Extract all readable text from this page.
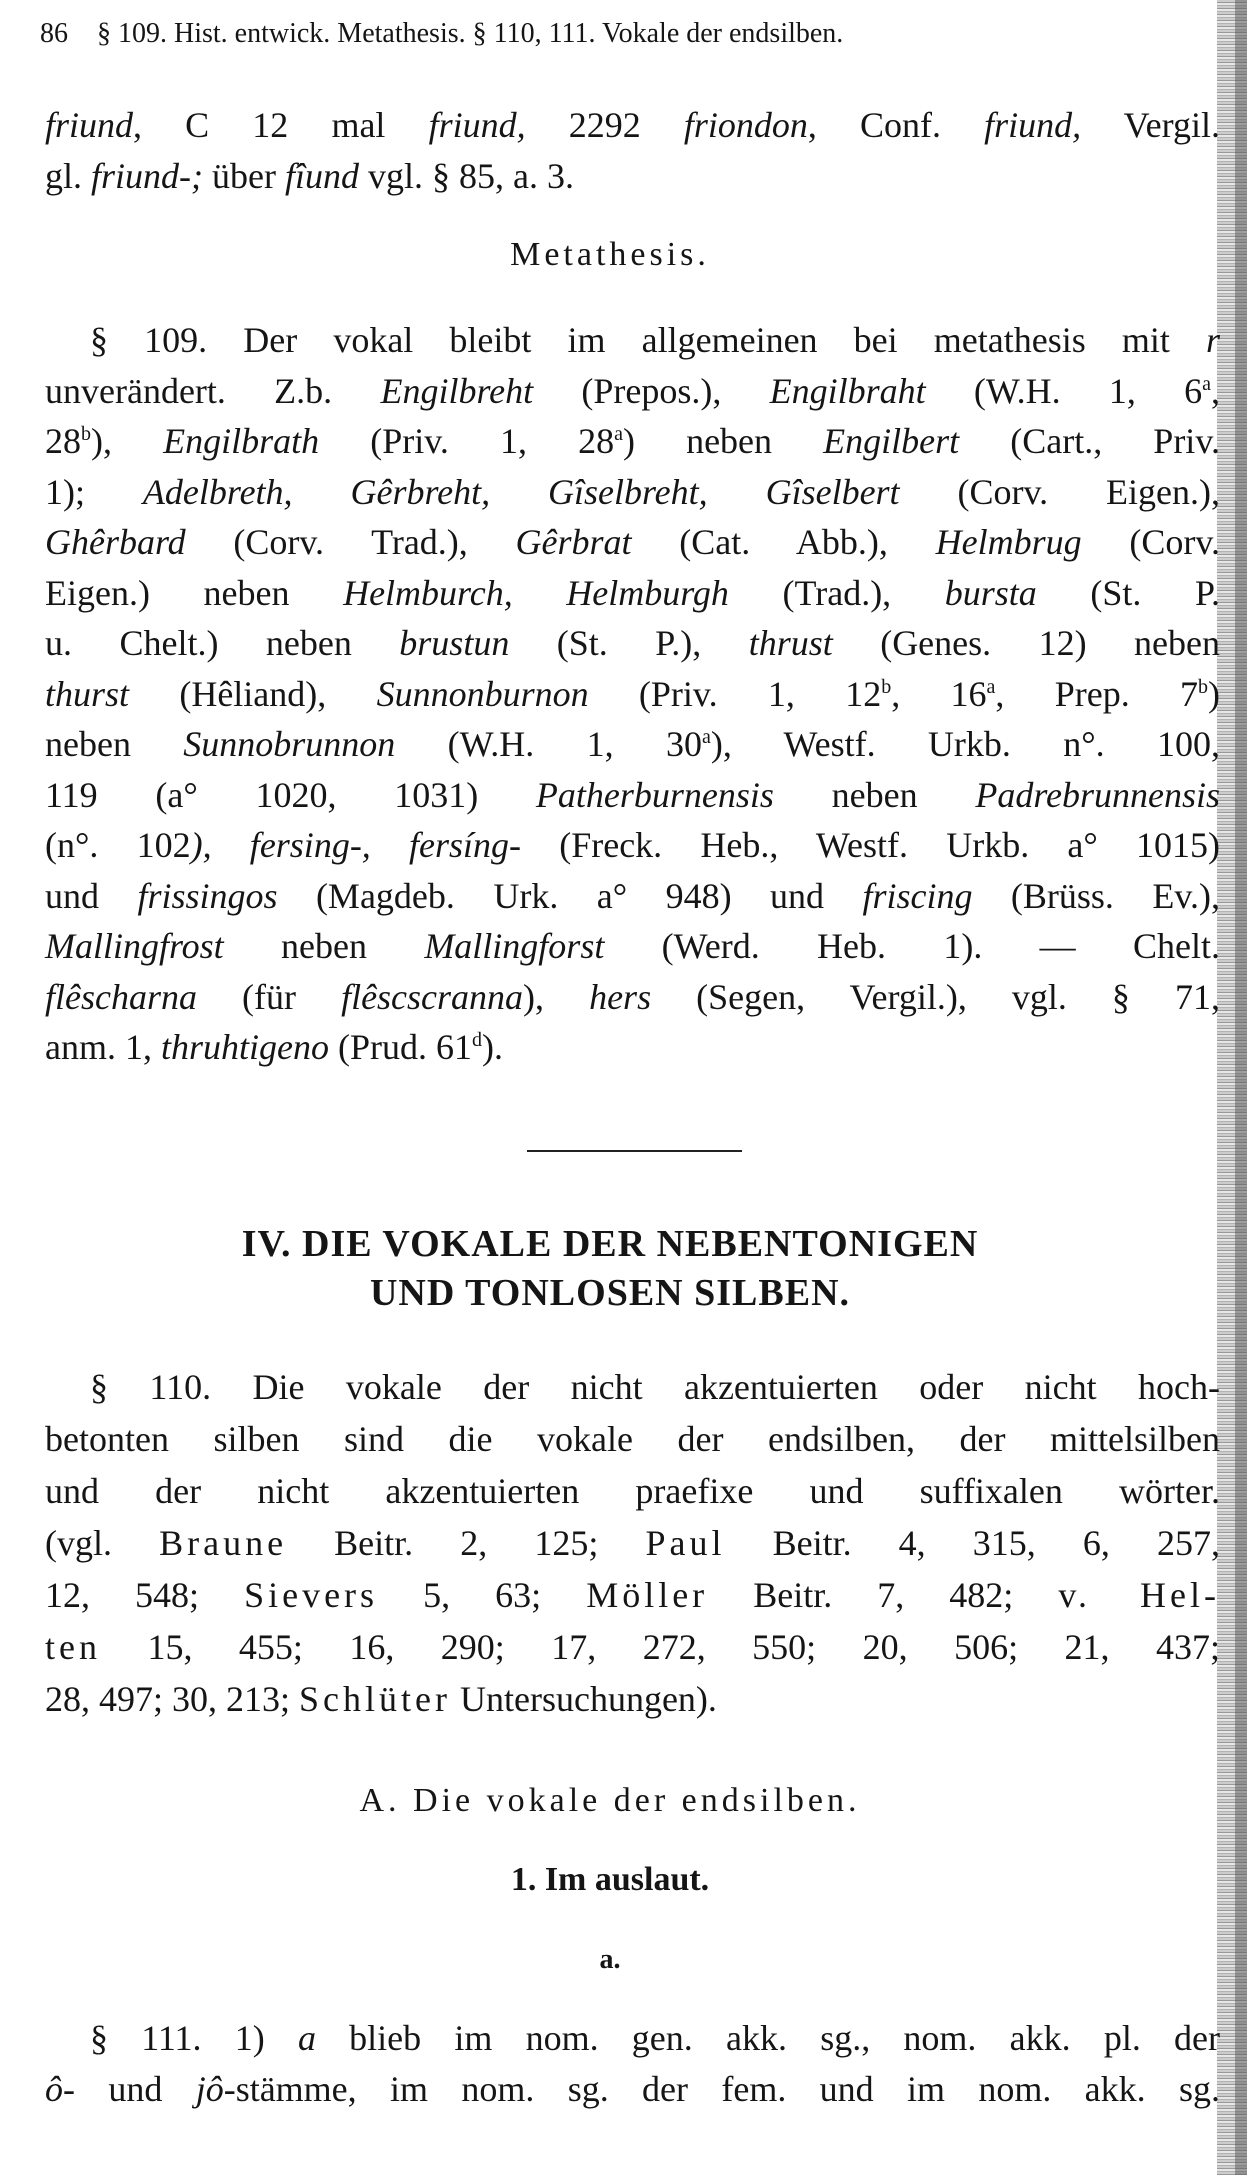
86 § 109. Hist. entwick. Metathesis. § 110, 111. Vokale der endsilben.
friund, C 12 mal friund, 2292 friondon, Conf. friund, Vergil.
gl. friund-; über fîund vgl. § 85, a. 3.
Metathesis.
§ 109. Der vokal bleibt im allgemeinen bei metathesis mit r
unverändert. Z.b. Engilbreht (Prepos.), Engilbraht (W.H. 1, 6$^a$,
28$^b$), Engilbrath (Priv. 1, 28$^a$) neben Engilbert (Cart., Priv.
1); Adelbreth, Gêrbreht, Gîselbreht, Gîselbert (Corv. Eigen.),
Ghêrbard (Corv. Trad.), Gêrbrat (Cat. Abb.), Helmbrug (Corv.
Eigen.) neben Helmburch, Helmburgh (Trad.), bursta (St. P.
u. Chelt.) neben brustun (St. P.), thrust (Genes. 12) neben
thurst (Hêliand), Sunnonburnon (Priv. 1, 12$^b$, 16$^a$, Prep. 7$^b$)
neben Sunnobrunnon (W.H. 1, 30$^a$), Westf. Urkb. n°. 100,
119 (a° 1020, 1031) Patherburnensis neben Padrebrunnensis
(n°. 102), fersing-, fersíng- (Freck. Heb., Westf. Urkb. a° 1015)
und frissingos (Magdeb. Urk. a° 948) und friscing (Brüss. Ev.),
Mallingfrost neben Mallingforst (Werd. Heb. 1). — Chelt.
flêscharna (für flêscscranna), hers (Segen, Vergil.), vgl. § 71,
anm. 1, thruhtigeno (Prud. 61$^d$).
IV. DIE VOKALE DER NEBENTONIGEN
UND TONLOSEN SILBEN.
§ 110. Die vokale der nicht akzentuierten oder nicht hoch-
betonten silben sind die vokale der endsilben, der mittelsilben
und der nicht akzentuierten praefixe und suffixalen wörter.
(vgl. Braune Beitr. 2, 125; Paul Beitr. 4, 315, 6, 257,
12, 548; Sievers 5, 63; Möller Beitr. 7, 482; v. Hel-
ten 15, 455; 16, 290; 17, 272, 550; 20, 506; 21, 437;
28, 497; 30, 213; Schlüter Untersuchungen).
A. Die vokale der endsilben.
1. Im auslaut.
a.
§ 111. 1) a blieb im nom. gen. akk. sg., nom. akk. pl. der
ô- und jô-stämme, im nom. sg. der fem. und im nom. akk. sg.
